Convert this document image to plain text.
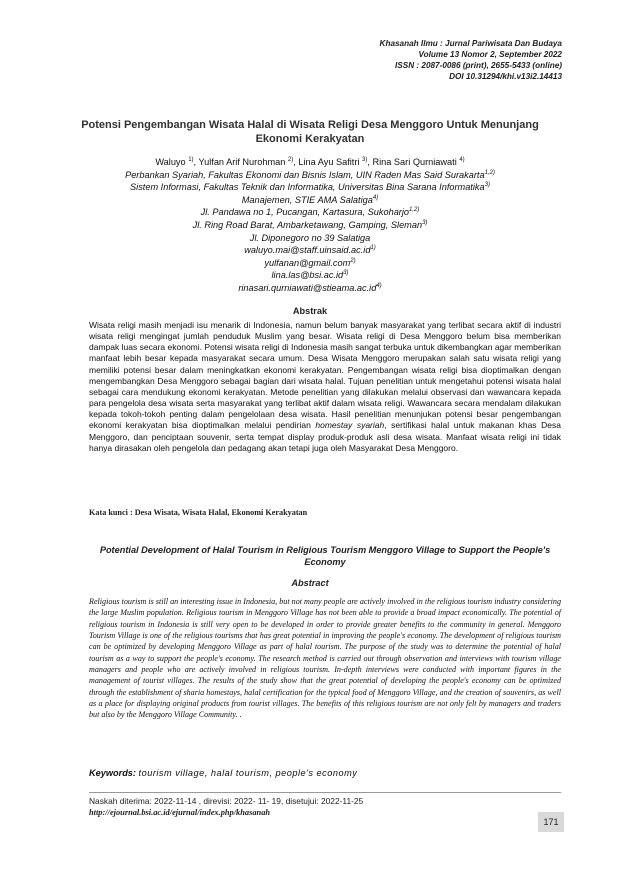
Khasanah Ilmu : Jurnal Pariwisata Dan Budaya
Volume 13 Nomor 2, September 2022
ISSN : 2087-0086 (print), 2655-5433 (online)
DOI 10.31294/khi.v13i2.14413
Potensi Pengembangan Wisata Halal di Wisata Religi Desa Menggoro Untuk Menunjang Ekonomi Kerakyatan
Waluyo $^{1)}$, Yulfan Arif Nurohman $^{2)}$, Lina Ayu Safitri $^{3)}$, Rina Sari Qurniawati $^{4)}$
Perbankan Syariah, Fakultas Ekonomi dan Bisnis Islam, UIN Raden Mas Said Surakarta$^{1,2)}$
Sistem Informasi, Fakultas Teknik dan Informatika, Universitas Bina Sarana Informatika$^{3)}$
Manajemen, STIE AMA Salatiga$^{4)}$
Jl. Pandawa no 1, Pucangan, Kartasura, Sukoharjo$^{1,2)}$
Jl. Ring Road Barat, Ambarketawang, Gamping, Sleman$^{3)}$
Jl. Diponegoro no 39 Salatiga
$waluyo.mai@staff.uinsaid.ac.id^{1)}$
yulfanan@gmail.com$^{2)}$
$lina.las@bsi.ac.id^{3)}$
$rinasari.qurniawati@stieama.ac.id^{4)}$
Abstrak
Wisata religi masih menjadi isu menarik di Indonesia, namun belum banyak masyarakat yang terlibat secara aktif di industri wisata religi mengingat jumlah penduduk Muslim yang besar. Wisata religi di Desa Menggoro belum bisa memberikan dampak luas secara ekonomi. Potensi wisata religi di Indonesia masih sangat terbuka untuk dikembangkan agar memberikan manfaat lebih besar kepada masyarakat secara umum. Desa Wisata Menggoro merupakan salah satu wisata religi yang memiliki potensi besar dalam meningkatkan ekonomi kerakyatan. Pengembangan wisata religi bisa dioptimalkan dengan mengembangkan Desa Menggoro sebagai bagian dari wisata halal. Tujuan penelitian untuk mengetahui potensi wisata halal sebagai cara mendukung ekonomi kerakyatan. Metode penelitian yang dilakukan melalui observasi dan wawancara kepada para pengelola desa wisata serta masyarakat yang terlibat aktif dalam wisata religi. Wawancara secara mendalam dilakukan kepada tokoh-tokoh penting dalam pengelolaan desa wisata. Hasil penelitian menunjukan potensi besar pengembangan ekonomi kerakyatan bisa dioptimalkan melalui pendirian homestay syariah, sertifikasi halal untuk makanan khas Desa Menggoro, dan penciptaan souvenir, serta tempat display produk-produk asli desa wisata. Manfaat wisata religi ini tidak hanya dirasakan oleh pengelola dan pedagang akan tetapi juga oleh Masyarakat Desa Menggoro.
Kata kunci : Desa Wisata, Wisata Halal, Ekonomi Kerakyatan
Potential Development of Halal Tourism in Religious Tourism Menggoro Village to Support the People's Economy
Abstract
Religious tourism is still an interesting issue in Indonesia, but not many people are actively involved in the religious tourism industry considering the large Muslim population. Religious tourism in Menggoro Village has not been able to provide a broad impact economically. The potential of religious tourism in Indonesia is still very open to be developed in order to provide greater benefits to the community in general. Menggoro Tourism Village is one of the religious tourisms that has great potential in improving the people's economy. The development of religious tourism can be optimized by developing Menggoro Village as part of halal tourism. The purpose of the study was to determine the potential of halal tourism as a way to support the people's economy. The research method is carried out through observation and interviews with tourism village managers and people who are actively involved in religious tourism. In-depth interviews were conducted with important figures in the management of tourist villages. The results of the study show that the great potential of developing the people's economy can be optimized through the establishment of sharia homestays, halal certification for the typical food of Menggoro Village, and the creation of souvenirs, as well as a place for displaying original products from tourist villages. The benefits of this religious tourism are not only felt by managers and traders but also by the Menggoro Village Community. .
Keywords: tourism village, halal tourism, people's economy
Naskah diterima: 2022-11-14 , direvisi: 2022- 11- 19, disetujui: 2022-11-25
http://ejournal.bsi.ac.id/ejurnal/index.php/khasanah
171
